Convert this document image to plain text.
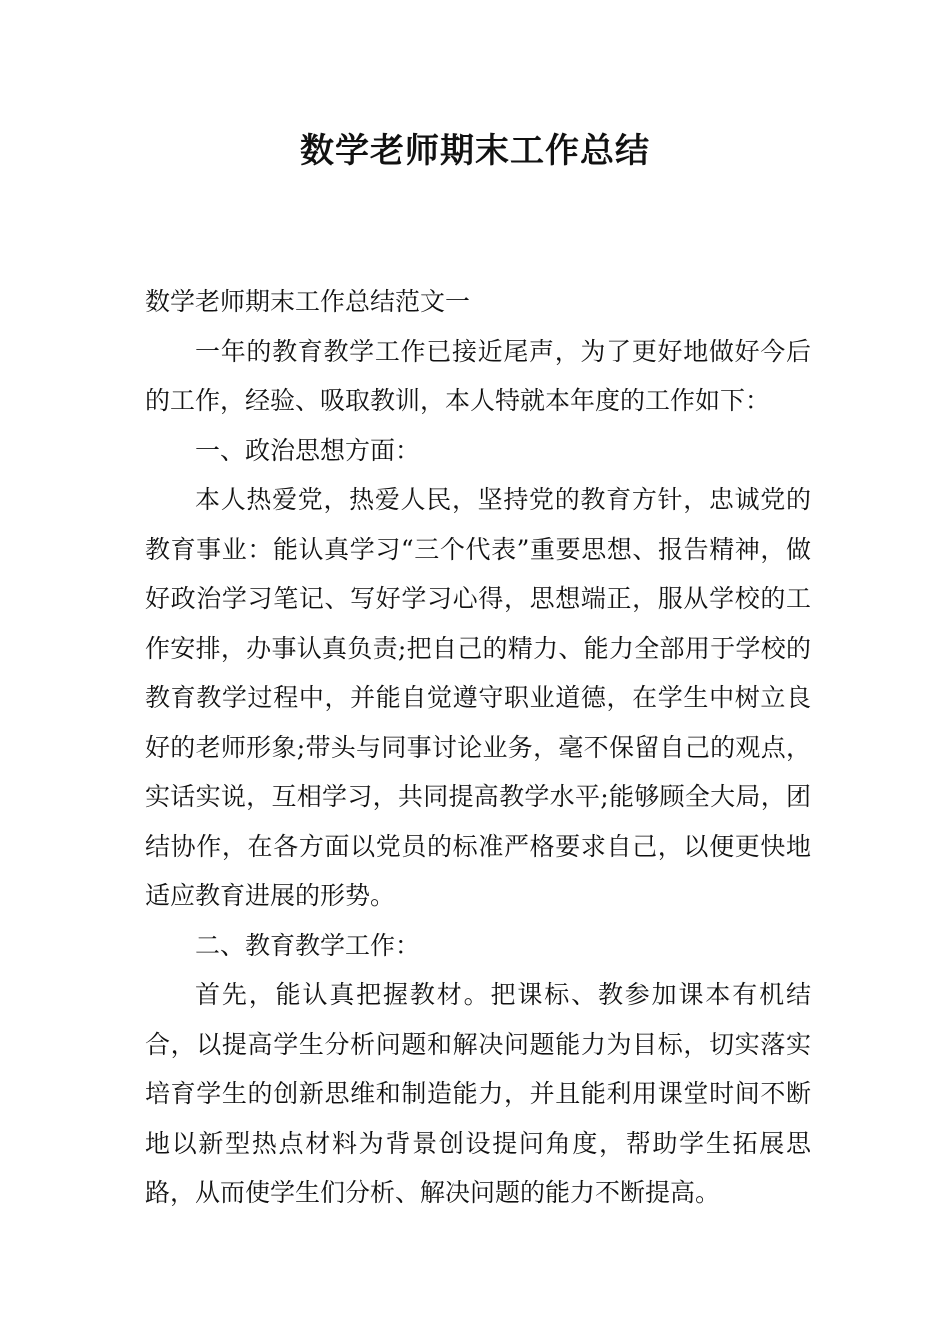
数学老师期末工作总结

数学老师期末工作总结范文一

一年的教育教学工作已接近尾声，为了更好地做好今后的工作，经验、吸取教训，本人特就本年度的工作如下：

一、政治思想方面：

本人热爱党，热爱人民，坚持党的教育方针，忠诚党的教育事业：能认真学习“三个代表”重要思想、报告精神，做好政治学习笔记、写好学习心得，思想端正，服从学校的工作安排，办事认真负责;把自己的精力、能力全部用于学校的教育教学过程中，并能自觉遵守职业道德，在学生中树立良好的老师形象;带头与同事讨论业务，毫不保留自己的观点，实话实说，互相学习，共同提高教学水平;能够顾全大局，团结协作，在各方面以党员的标准严格要求自己，以便更快地适应教育进展的形势。

二、教育教学工作：

首先，能认真把握教材。把课标、教参加课本有机结合，以提高学生分析问题和解决问题能力为目标，切实落实培育学生的创新思维和制造能力，并且能利用课堂时间不断地以新型热点材料为背景创设提问角度，帮助学生拓展思路，从而使学生们分析、解决问题的能力不断提高。
